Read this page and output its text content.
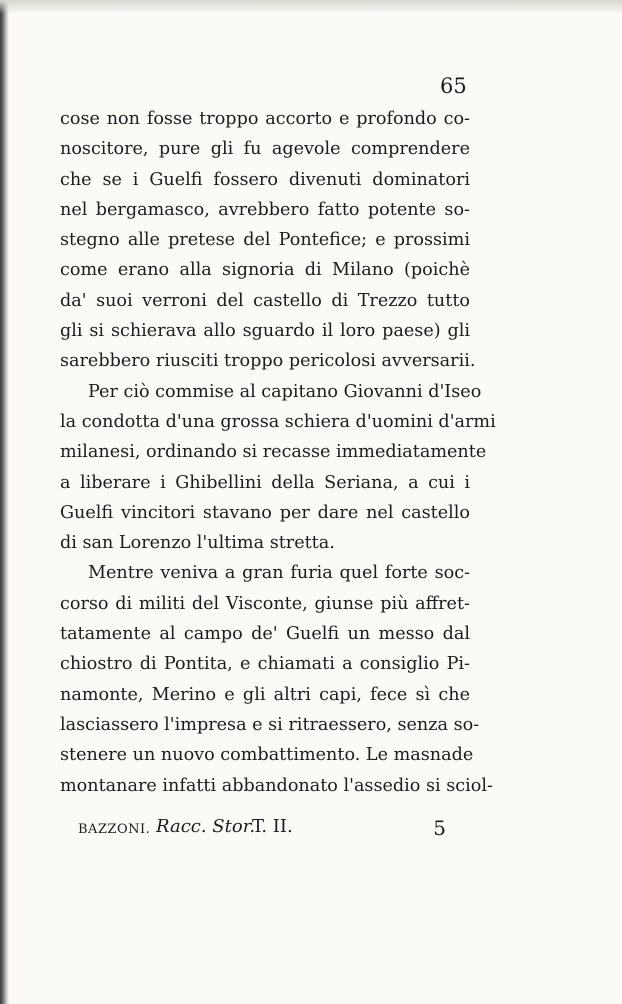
65
cose non fosse troppo accorto e profondo co-
noscitore, pure gli fu agevole comprendere
che se i Guelfi fossero divenuti dominatori
nel bergamasco, avrebbero fatto potente so-
stegno alle pretese del Pontefice; e prossimi
come erano alla signoria di Milano (poichè
da' suoi verroni del castello di Trezzo tutto
gli si schierava allo sguardo il loro paese) gli
sarebbero riusciti troppo pericolosi avversarii.
Per ciò commise al capitano Giovanni d'Iseo
la condotta d'una grossa schiera d'uomini d'armi
milanesi, ordinando si recasse immediatamente
a liberare i Ghibellini della Seriana, a cui i
Guelfi vincitori stavano per dare nel castello
di san Lorenzo l'ultima stretta.
Mentre veniva a gran furia quel forte soc-
corso di militi del Visconte, giunse più affret-
tatamente al campo de' Guelfi un messo dal
chiostro di Pontita, e chiamati a consiglio Pi-
namonte, Merino e gli altri capi, fece sì che
lasciassero l'impresa e si ritraessero, senza so-
stenere un nuovo combattimento. Le masnade
montanare infatti abbandonato l'assedio si sciol-
BAZZONI. Racc. Stor.
T. II.	5
